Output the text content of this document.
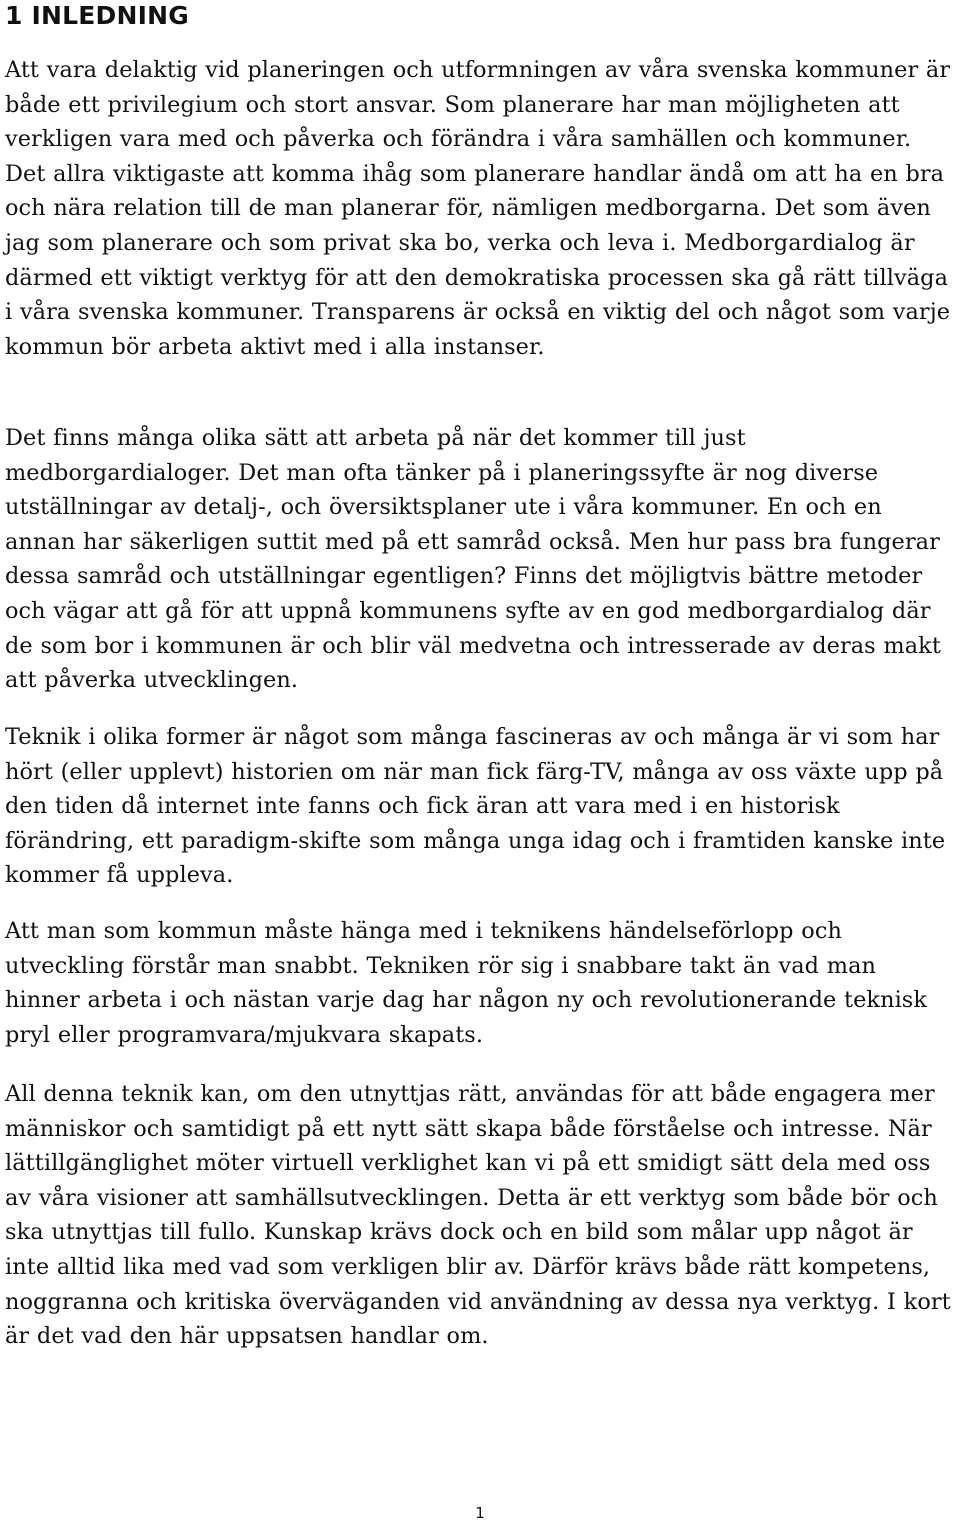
1 INLEDNING

Att vara delaktig vid planeringen och utformningen av våra svenska kommuner är både ett privilegium och stort ansvar. Som planerare har man möjligheten att verkligen vara med och påverka och förändra i våra samhällen och kommuner. Det allra viktigaste att komma ihåg som planerare handlar ändå om att ha en bra och nära relation till de man planerar för, nämligen medborgarna. Det som även jag som planerare och som privat ska bo, verka och leva i. Medborgardialog är därmed ett viktigt verktyg för att den demokratiska processen ska gå rätt tillväga i våra svenska kommuner. Transparens är också en viktig del och något som varje kommun bör arbeta aktivt med i alla instanser.

Det finns många olika sätt att arbeta på när det kommer till just medborgardialoger. Det man ofta tänker på i planeringssyfte är nog diverse utställningar av detalj-, och översiktsplaner ute i våra kommuner. En och en annan har säkerligen suttit med på ett samråd också. Men hur pass bra fungerar dessa samråd och utställningar egentligen? Finns det möjligtvis bättre metoder och vägar att gå för att uppnå kommunens syfte av en god medborgardialog där de som bor i kommunen är och blir väl medvetna och intresserade av deras makt att påverka utvecklingen.

Teknik i olika former är något som många fascineras av och många är vi som har hört (eller upplevt) historien om när man fick färg-TV, många av oss växte upp på den tiden då internet inte fanns och fick äran att vara med i en historisk förändring, ett paradigm-skifte som många unga idag och i framtiden kanske inte kommer få uppleva.

Att man som kommun måste hänga med i teknikens händelseförlopp och utveckling förstår man snabbt. Tekniken rör sig i snabbare takt än vad man hinner arbeta i och nästan varje dag har någon ny och revolutionerande teknisk pryl eller programvara/mjukvara skapats.

All denna teknik kan, om den utnyttjas rätt, användas för att både engagera mer människor och samtidigt på ett nytt sätt skapa både förståelse och intresse. När lättillgänglighet möter virtuell verklighet kan vi på ett smidigt sätt dela med oss av våra visioner att samhällsutvecklingen. Detta är ett verktyg som både bör och ska utnyttjas till fullo. Kunskap krävs dock och en bild som målar upp något är inte alltid lika med vad som verkligen blir av. Därför krävs både rätt kompetens, noggranna och kritiska överväganden vid användning av dessa nya verktyg. I kort är det vad den här uppsatsen handlar om.

1
